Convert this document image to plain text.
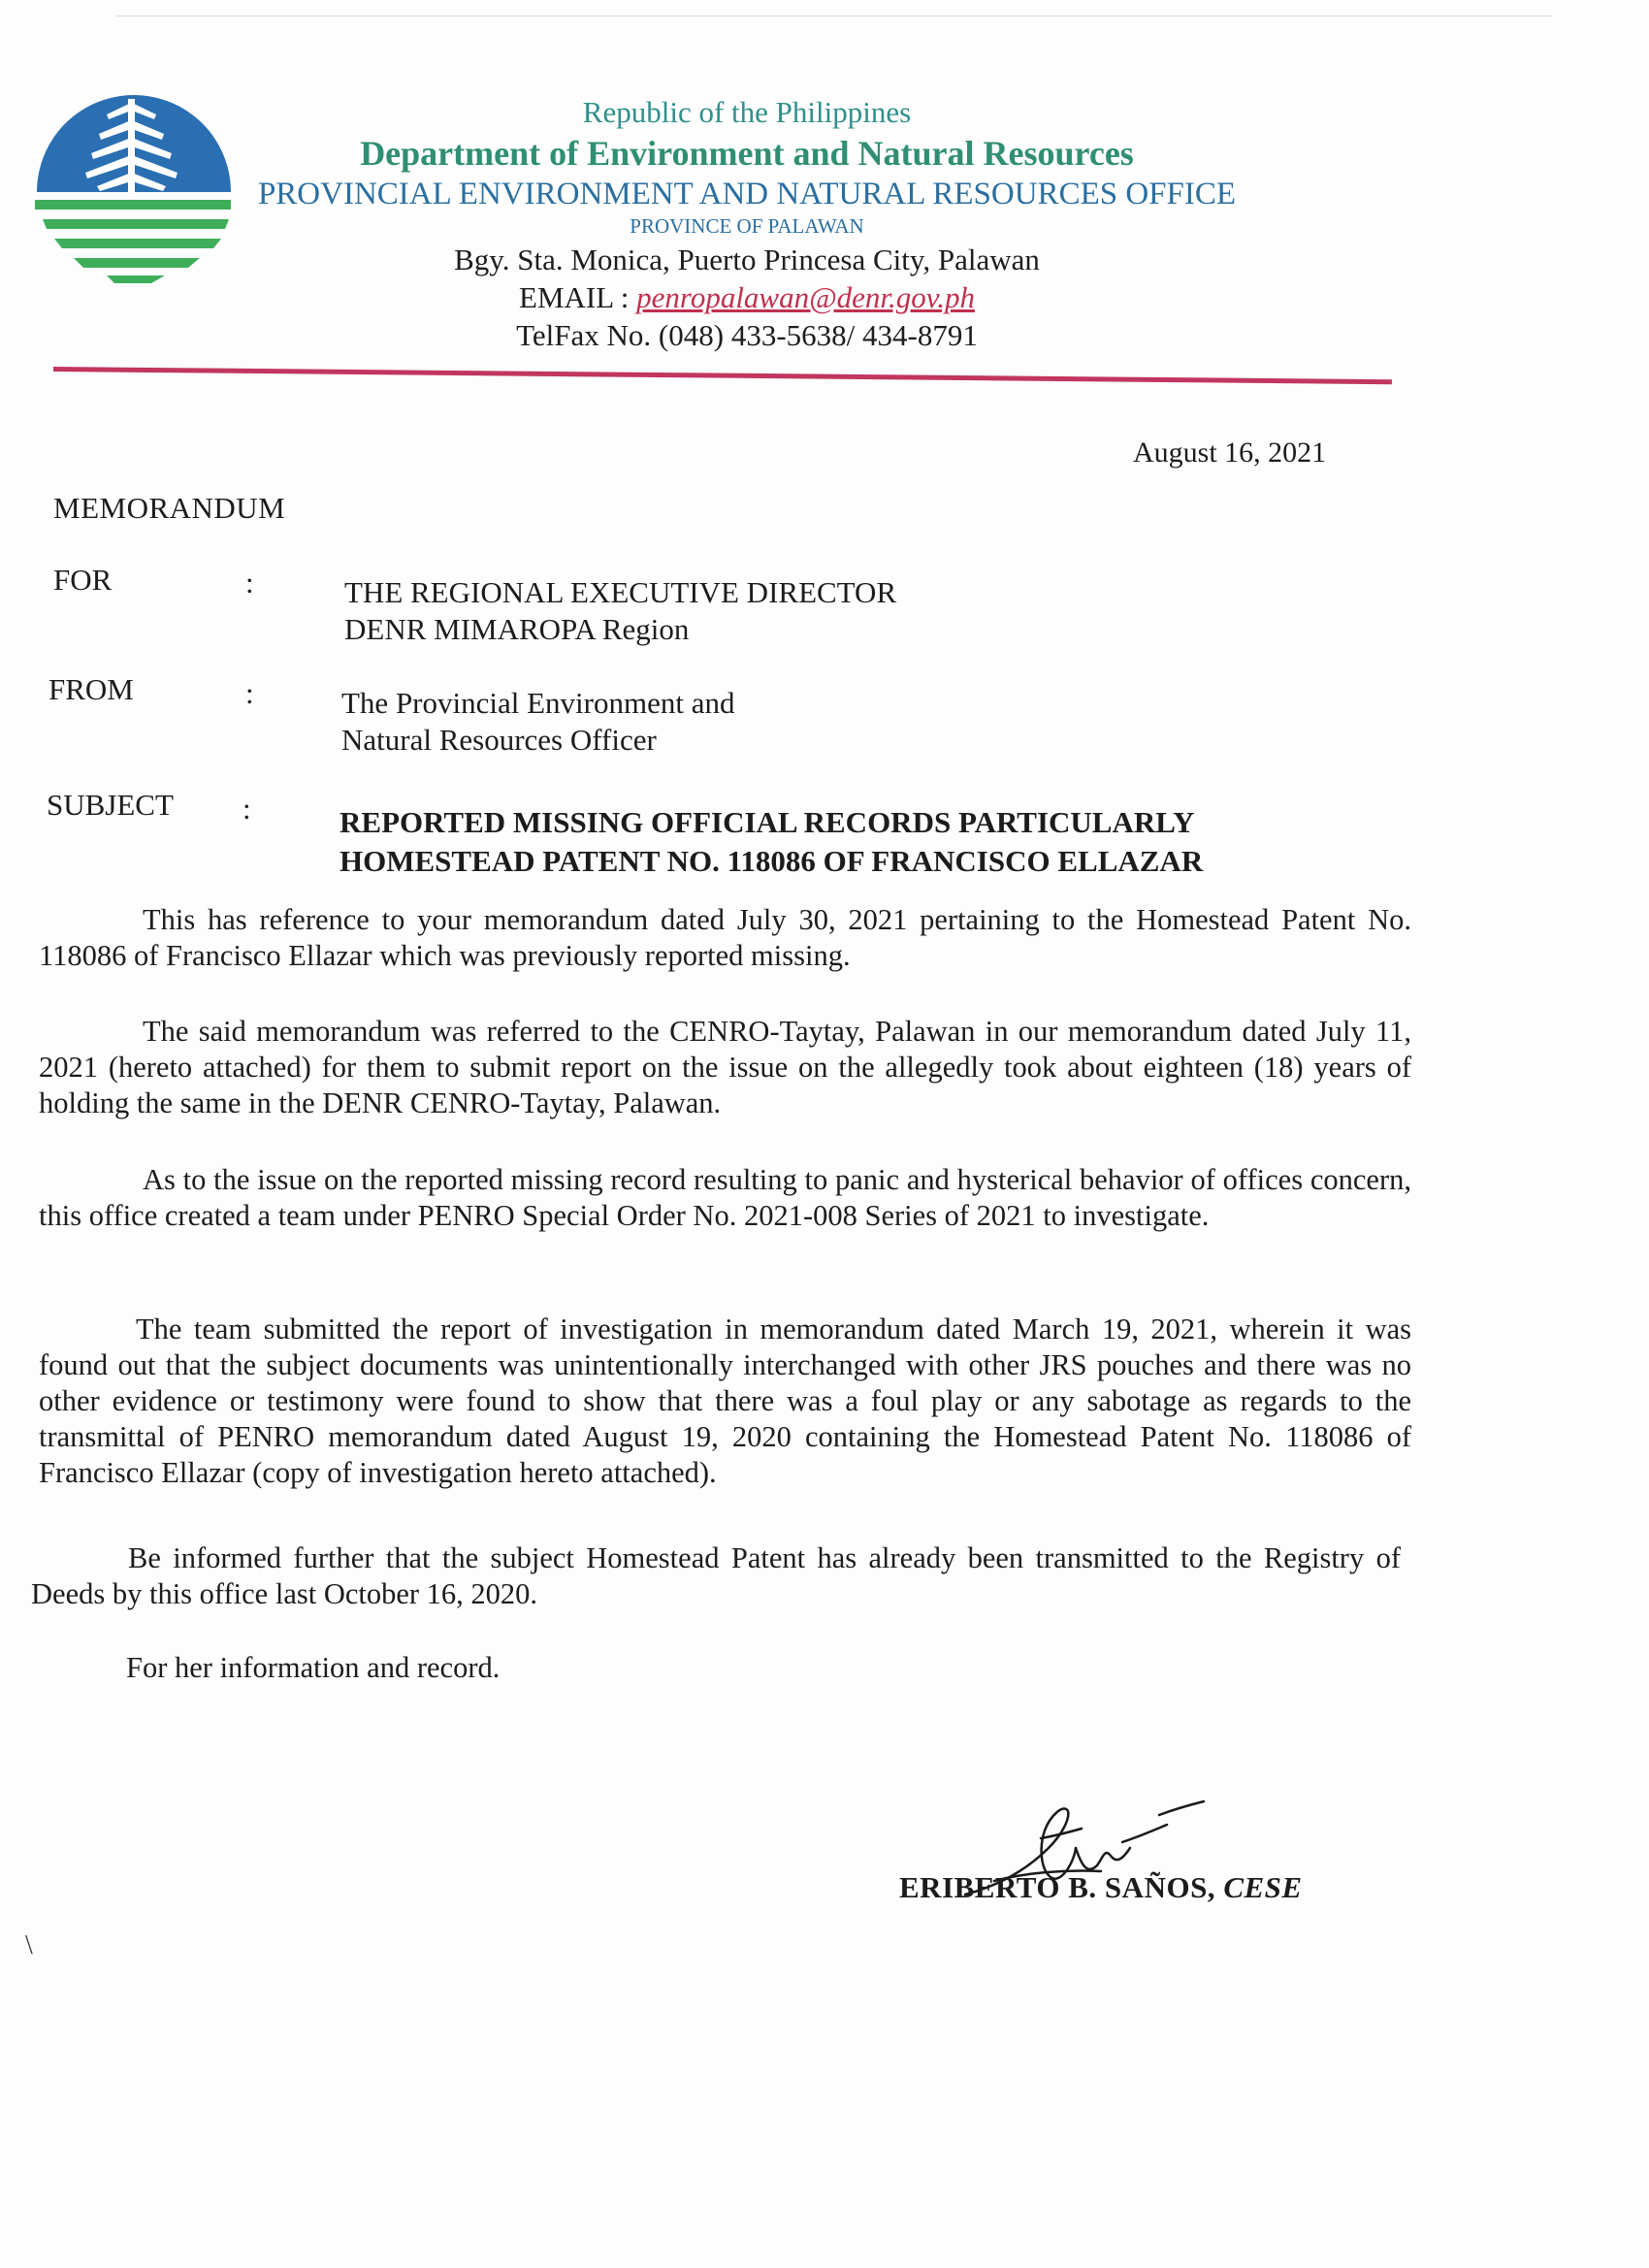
Republic of the Philippines
Department of Environment and Natural Resources
PROVINCIAL ENVIRONMENT AND NATURAL RESOURCES OFFICE
PROVINCE OF PALAWAN
Bgy. Sta. Monica, Puerto Princesa City, Palawan
EMAIL : penropalawan@denr.gov.ph
TelFax No. (048) 433-5638/ 434-8791
August 16, 2021
MEMORANDUM
FOR	:	THE REGIONAL EXECUTIVE DIRECTOR
DENR MIMAROPA Region
FROM	:	The Provincial Environment and
Natural Resources Officer
SUBJECT :	REPORTED MISSING OFFICIAL RECORDS PARTICULARLY
HOMESTEAD PATENT NO. 118086 OF FRANCISCO ELLAZAR
This has reference to your memorandum dated July 30, 2021 pertaining to the Homestead Patent No. 118086 of Francisco Ellazar which was previously reported missing.
The said memorandum was referred to the CENRO-Taytay, Palawan in our memorandum dated July 11, 2021 (hereto attached) for them to submit report on the issue on the allegedly took about eighteen (18) years of holding the same in the DENR CENRO-Taytay, Palawan.
As to the issue on the reported missing record resulting to panic and hysterical behavior of offices concern, this office created a team under PENRO Special Order No. 2021-008 Series of 2021 to investigate.
The team submitted the report of investigation in memorandum dated March 19, 2021, wherein it was found out that the subject documents was unintentionally interchanged with other JRS pouches and there was no other evidence or testimony were found to show that there was a foul play or any sabotage as regards to the transmittal of PENRO memorandum dated August 19, 2020 containing the Homestead Patent No. 118086 of Francisco Ellazar (copy of investigation hereto attached).
Be informed further that the subject Homestead Patent has already been transmitted to the Registry of Deeds by this office last October 16, 2020.
For her information and record.
ERIBERTO B. SAÑOS, CESE
\
